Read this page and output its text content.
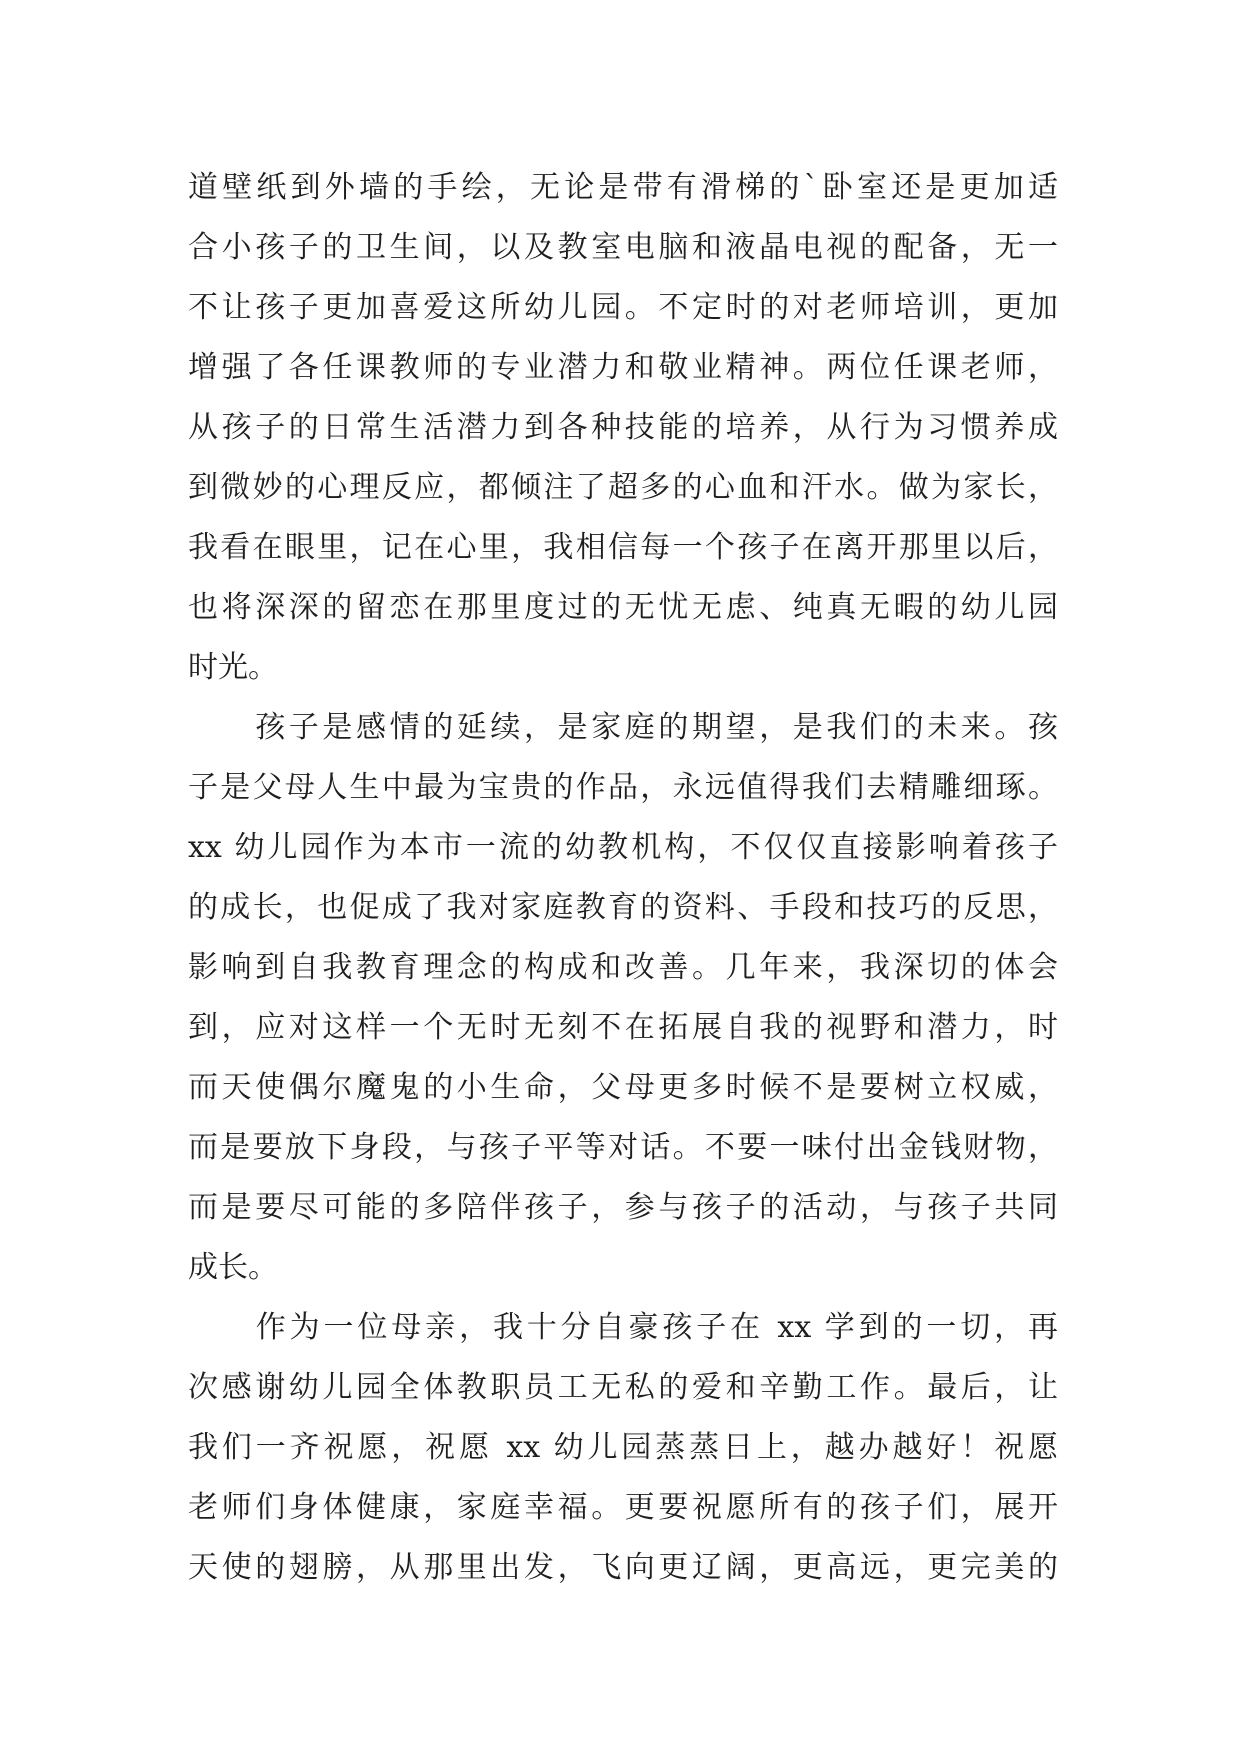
道壁纸到外墙的手绘，无论是带有滑梯的`卧室还是更加适
合小孩子的卫生间，以及教室电脑和液晶电视的配备，无一
不让孩子更加喜爱这所幼儿园。不定时的对老师培训，更加
增强了各任课教师的专业潜力和敬业精神。两位任课老师，
从孩子的日常生活潜力到各种技能的培养，从行为习惯养成
到微妙的心理反应，都倾注了超多的心血和汗水。做为家长，
我看在眼里，记在心里，我相信每一个孩子在离开那里以后，
也将深深的留恋在那里度过的无忧无虑、纯真无暇的幼儿园
时光。
　　孩子是感情的延续，是家庭的期望，是我们的未来。孩
子是父母人生中最为宝贵的作品，永远值得我们去精雕细琢。
xx 幼儿园作为本市一流的幼教机构，不仅仅直接影响着孩子
的成长，也促成了我对家庭教育的资料、手段和技巧的反思，
影响到自我教育理念的构成和改善。几年来，我深切的体会
到，应对这样一个无时无刻不在拓展自我的视野和潜力，时
而天使偶尔魔鬼的小生命，父母更多时候不是要树立权威，
而是要放下身段，与孩子平等对话。不要一味付出金钱财物，
而是要尽可能的多陪伴孩子，参与孩子的活动，与孩子共同
成长。
　　作为一位母亲，我十分自豪孩子在 xx 学到的一切，再
次感谢幼儿园全体教职员工无私的爱和辛勤工作。最后，让
我们一齐祝愿，祝愿 xx 幼儿园蒸蒸日上，越办越好！祝愿
老师们身体健康，家庭幸福。更要祝愿所有的孩子们，展开
天使的翅膀，从那里出发，飞向更辽阔，更高远，更完美的
